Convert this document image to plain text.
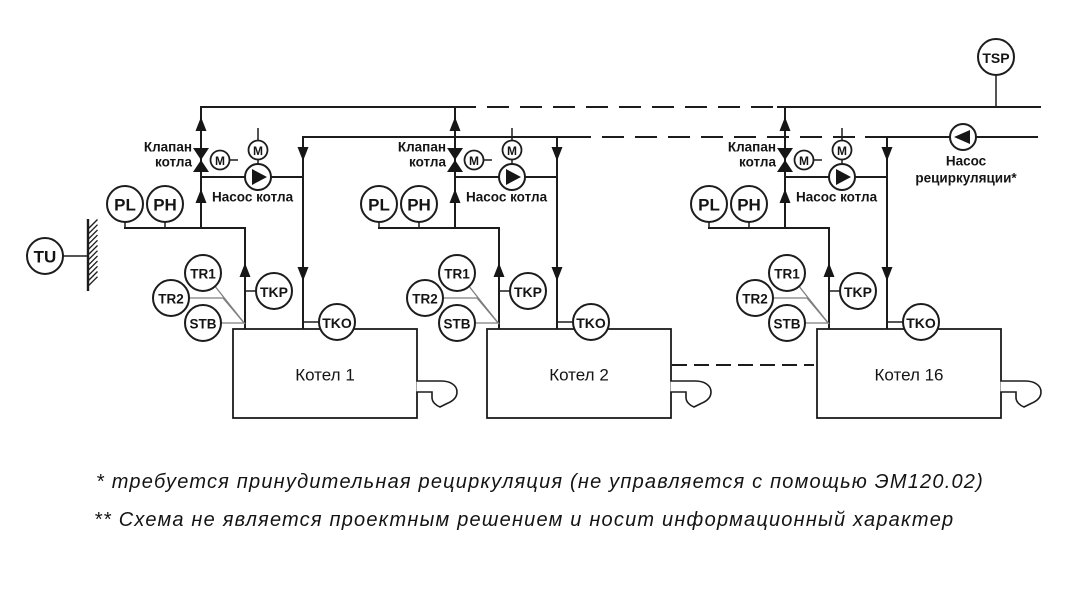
TSP
TU
M
M
PL PH
TR1
TR2
STB
TKP
TKO
Клапан
котла
Насос котла
Котел 1
M
M
PL PH
TR1
TR2
STB
TKP
TKO
Клапан
котла
Насос котла
Котел 2
M
M
PL PH
TR1
TR2
STB
TKP
TKO
Клапан
котла
Насос котла
Котел 16
Насос
рециркуляции*
* требуется принудительная рециркуляция (не управляется с помощью ЭМ120.02)
** Схема не является проектным решением и носит информационный характер
